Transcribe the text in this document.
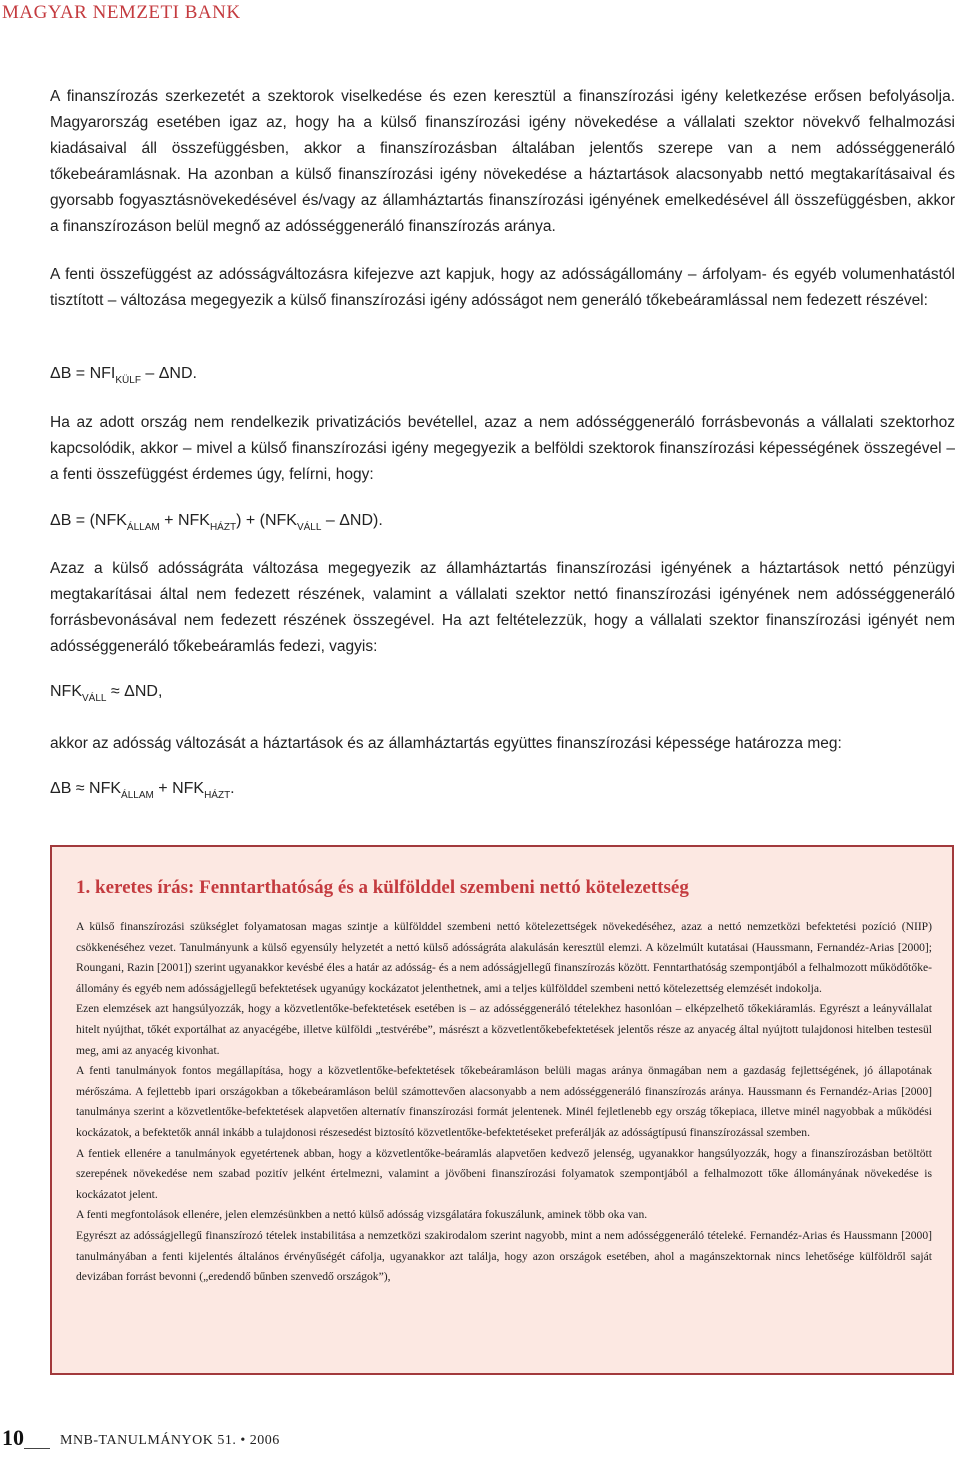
MAGYAR NEMZETI BANK

A finanszírozás szerkezetét a szektorok viselkedése és ezen keresztül a finanszírozási igény keletkezése erősen befolyásolja. Magyarország esetében igaz az, hogy ha a külső finanszírozási igény növekedése a vállalati szektor növekvő felhalmozási kiadásaival áll összefüggésben, akkor a finanszírozásban általában jelentős szerepe van a nem adósséggeneráló tőkebeáramlásnak. Ha azonban a külső finanszírozási igény növekedése a háztartások alacsonyabb nettó megtakarításaival és gyorsabb fogyasztásnövekedésével és/vagy az államháztartás finanszírozási igényének emelkedésével áll összefüggésben, akkor a finanszírozáson belül megnő az adósséggeneráló finanszírozás aránya.

A fenti összefüggést az adósságváltozásra kifejezve azt kapjuk, hogy az adósságállomány – árfolyam- és egyéb volumenhatástól tisztított – változása megegyezik a külső finanszírozási igény adósságot nem generáló tőkebeáramlással nem fedezett részével:

$\Delta B = NFI_{KÜLF} - \Delta ND$.

Ha az adott ország nem rendelkezik privatizációs bevétellel, azaz a nem adósséggeneráló forrásbevonás a vállalati szektorhoz kapcsolódik, akkor – mivel a külső finanszírozási igény megegyezik a belföldi szektorok finanszírozási képességének összegével – a fenti összefüggést érdemes úgy, felírni, hogy:

$\Delta B = (NFK_{ÁLLAM} + NFK_{HÁZT}) + (NFK_{VÁLL} - \Delta ND)$.

Azaz a külső adósságráta változása megegyezik az államháztartás finanszírozási igényének a háztartások nettó pénzügyi megtakarításai által nem fedezett részének, valamint a vállalati szektor nettó finanszírozási igényének nem adósséggeneráló forrásbevonásával nem fedezett részének összegével. Ha azt feltételezzük, hogy a vállalati szektor finanszírozási igényét nem adósséggeneráló tőkebeáramlás fedezi, vagyis:

$NFK_{VÁLL} \approx \Delta ND$,

akkor az adósság változását a háztartások és az államháztartás együttes finanszírozási képessége határozza meg:

$\Delta B \approx NFK_{ÁLLAM} + NFK_{HÁZT}$.
1. keretes írás: Fenntarthatóság és a külfölddel szembeni nettó kötelezettség

A külső finanszírozási szükséglet folyamatosan magas szintje a külfölddel szembeni nettó kötelezettségek növekedéséhez, azaz a nettó nemzetközi befektetési pozíció (NIIP) csökkenéséhez vezet. Tanulmányunk a külső egyensúly helyzetét a nettó külső adósságráta alakulásán keresztül elemzi. A közelmúlt kutatásai (Haussmann, Fernandéz-Arias [2000]; Roungani, Razin [2001]) szerint ugyanakkor kevésbé éles a határ az adósság- és a nem adósságjellegű finanszírozás között. Fenntarthatóság szempontjából a felhalmozott működőtőke-állomány és egyéb nem adósságjellegű befektetések ugyanúgy kockázatot jelenthetnek, ami a teljes külfölddel szembeni nettó kötelezettség elemzését indokolja.

Ezen elemzések azt hangsúlyozzák, hogy a közvetlentőke-befektetések esetében is – az adósséggeneráló tételekhez hasonlóan – elképzelhető tőkekiáramlás. Egyrészt a leányvállalat hitelt nyújthat, tőkét exportálhat az anyacégébe, illetve külföldi „testvérébe”, másrészt a közvetlentőkebefektetések jelentős része az anyacég által nyújtott tulajdonosi hitelben testesül meg, ami az anyacég kivonhat.

A fenti tanulmányok fontos megállapítása, hogy a közvetlentőke-befektetések tőkebeáramláson belüli magas aránya önmagában nem a gazdaság fejlettségének, jó állapotának mérőszáma. A fejlettebb ipari országokban a tőkebeáramláson belül számottevően alacsonyabb a nem adósséggeneráló finanszírozás aránya. Haussmann és Fernandéz-Arias [2000] tanulmánya szerint a közvetlentőke-befektetések alapvetően alternatív finanszírozási formát jelentenek. Minél fejletlenebb egy ország tőkepiaca, illetve minél nagyobbak a működési kockázatok, a befektetők annál inkább a tulajdonosi részesedést biztosító közvetlentőke-befektetéseket preferálják az adósságtípusú finanszírozással szemben.

A fentiek ellenére a tanulmányok egyetértenek abban, hogy a közvetlentőke-beáramlás alapvetően kedvező jelenség, ugyanakkor hangsúlyozzák, hogy a finanszírozásban betöltött szerepének növekedése nem szabad pozitív jelként értelmezni, valamint a jövőbeni finanszírozási folyamatok szempontjából a felhalmozott tőke állományának növekedése is kockázatot jelent.

A fenti megfontolások ellenére, jelen elemzésünkben a nettó külső adósság vizsgálatára fokuszálunk, aminek több oka van.

Egyrészt az adósságjellegű finanszírozó tételek instabilitása a nemzetközi szakirodalom szerint nagyobb, mint a nem adósséggeneráló tételeké. Fernandéz-Arias és Haussmann [2000] tanulmányában a fenti kijelentés általános érvényűségét cáfolja, ugyanakkor azt találja, hogy azon országok esetében, ahol a magánszektornak nincs lehetősége külföldről saját devizában forrást bevonni („eredendő bűnben szenvedő országok”),

10	MNB-TANULMÁNYOK 51. • 2006
